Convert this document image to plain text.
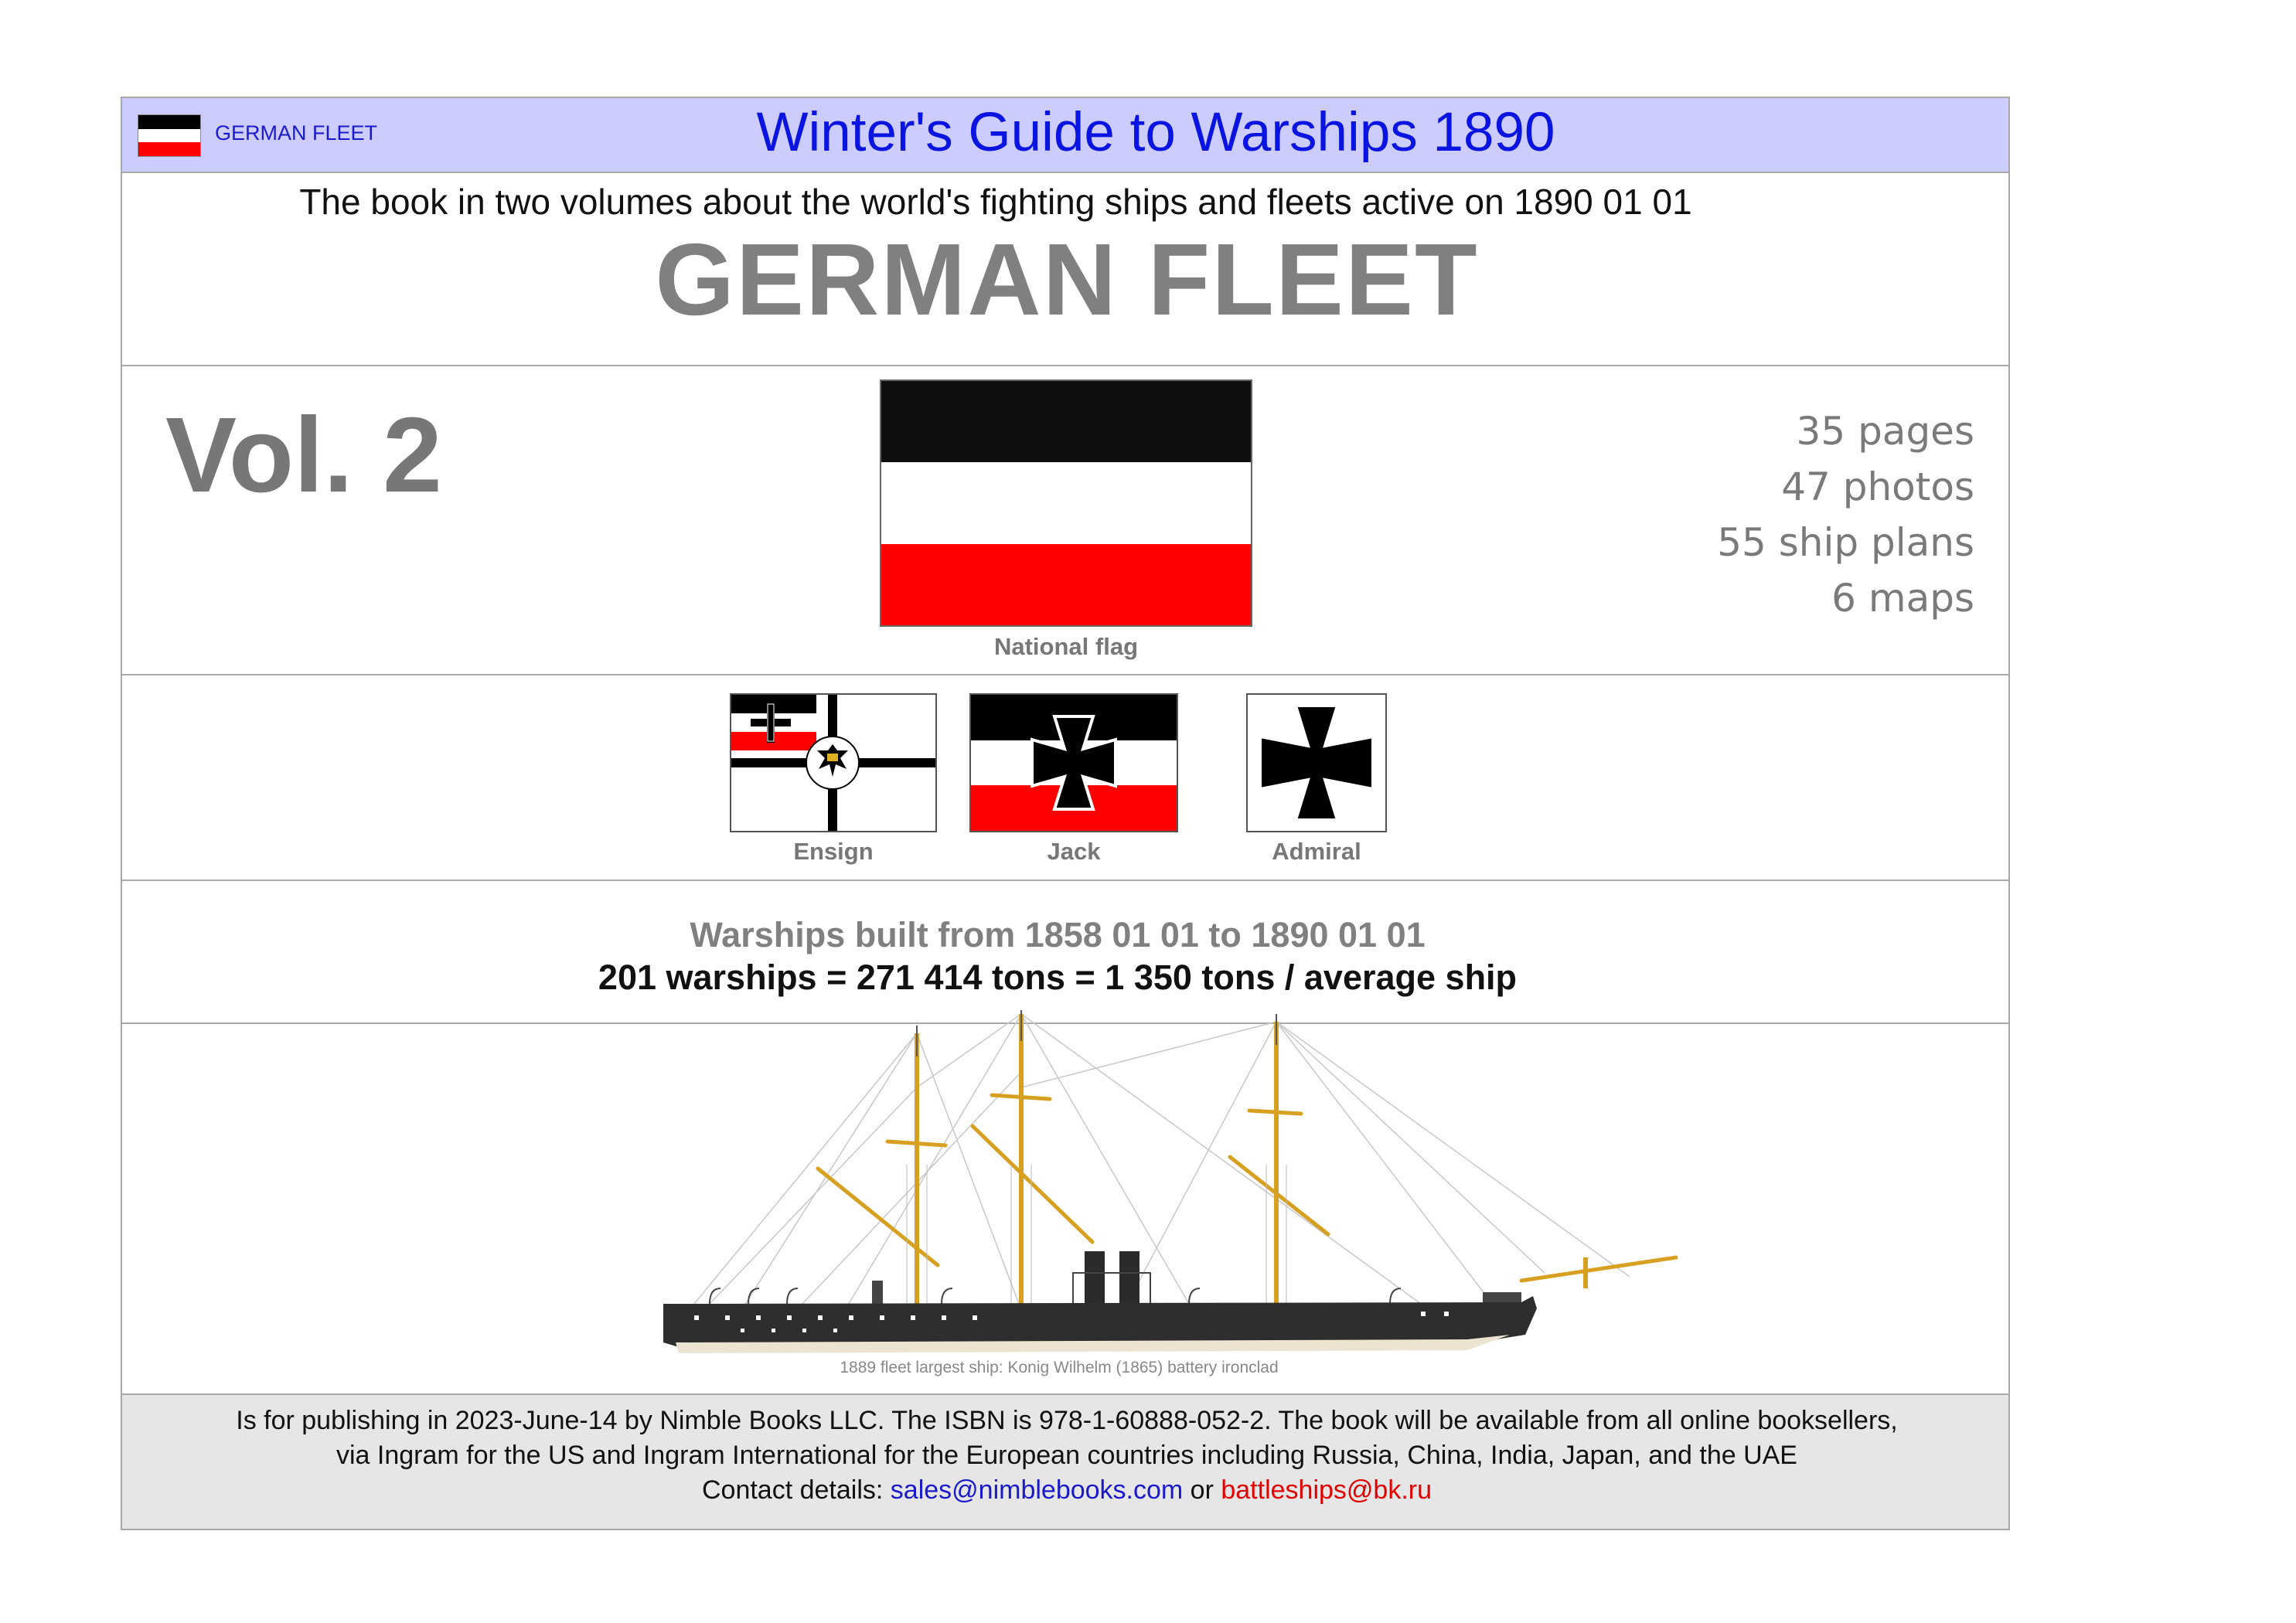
GERMAN FLEET	Winter's Guide to Warships 1890
The book in two volumes about the world's fighting ships and fleets active on 1890 01 01
GERMAN FLEET
Vol. 2
National flag
35 pages
47 photos
55 ship plans
6 maps
Ensign	Jack	Admiral
Warships built from 1858 01 01 to 1890 01 01
201 warships = 271 414 tons = 1 350 tons / average ship
1889 fleet largest ship: Konig Wilhelm (1865) battery ironclad

Is for publishing in 2023-June-14 by Nimble Books LLC. The ISBN is 978-1-60888-052-2. The book will be available from all online booksellers,

via Ingram for the US and Ingram International for the European countries including Russia, China, India, Japan, and the UAE

Contact details: sales@nimblebooks.com or battleships@bk.ru
